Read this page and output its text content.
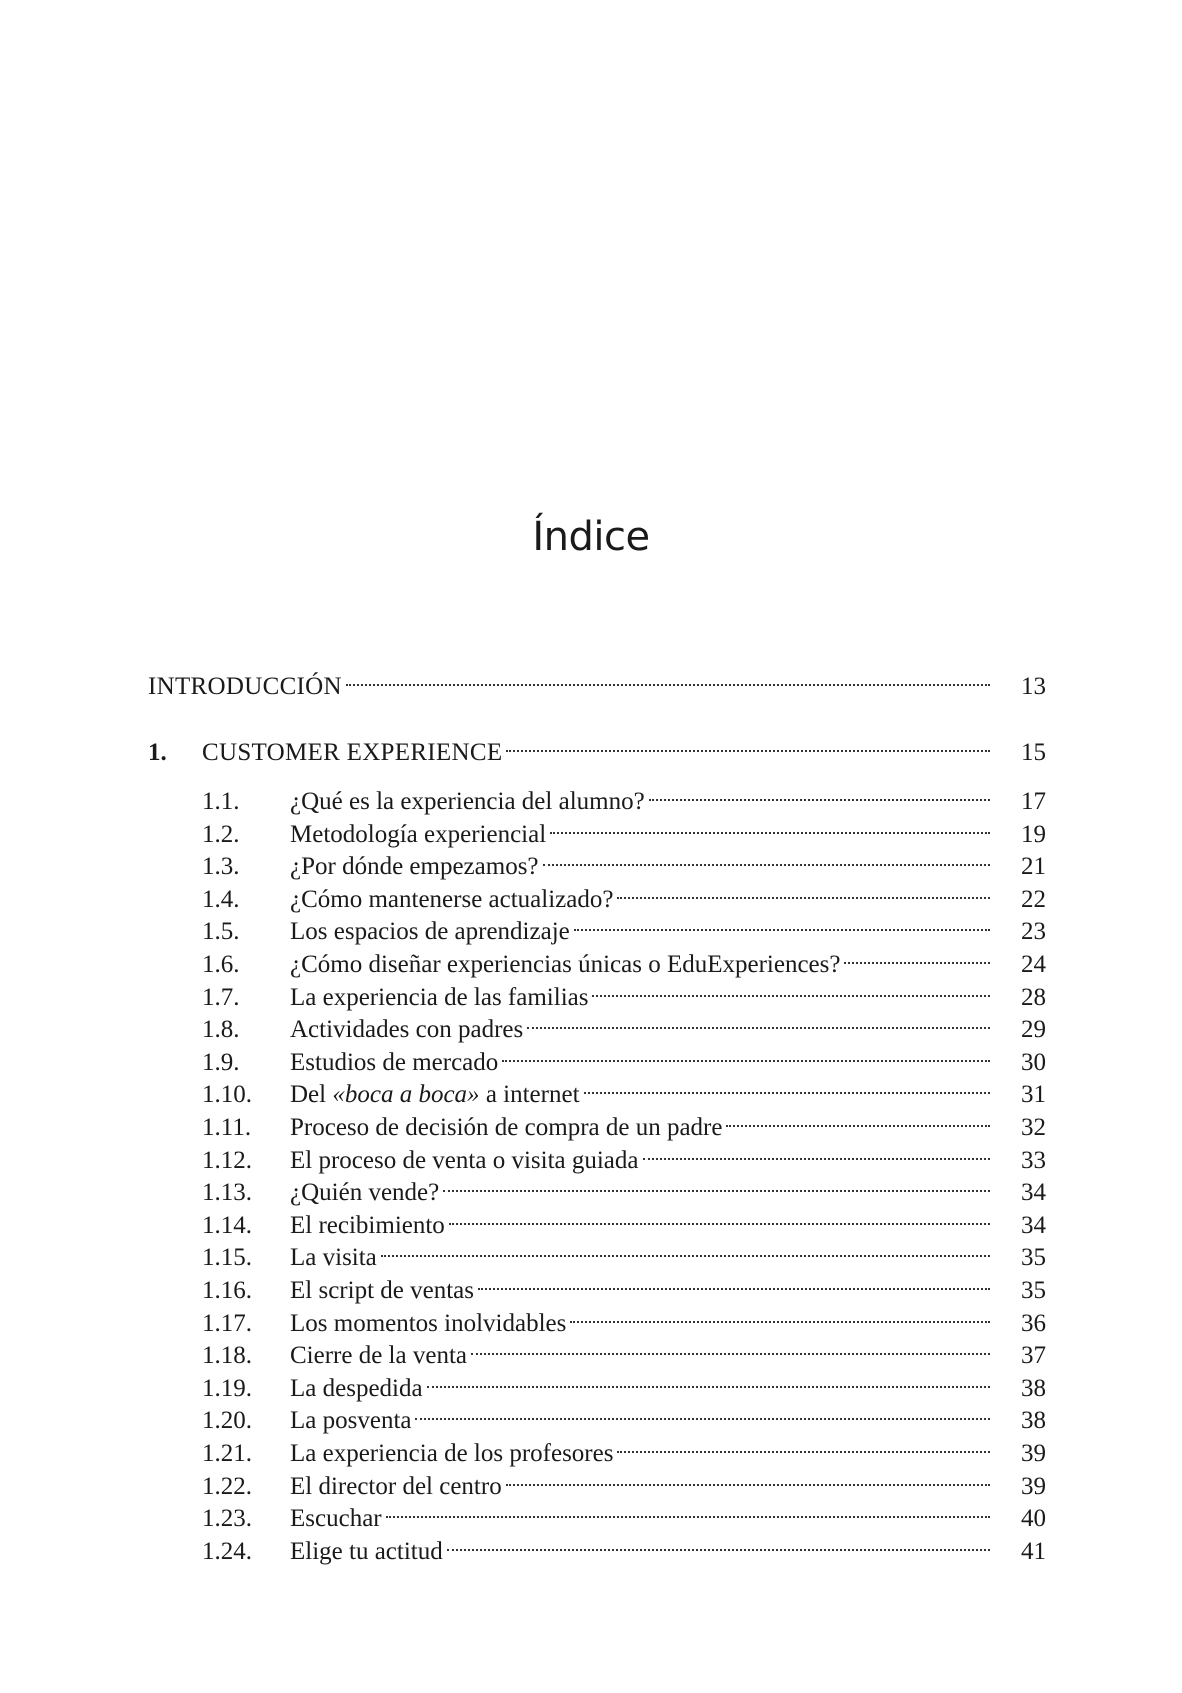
Índice
INTRODUCCIÓN	13
1.	CUSTOMER EXPERIENCE	15
1.1.	¿Qué es la experiencia del alumno?	17
1.2.	Metodología experiencial	19
1.3.	¿Por dónde empezamos?	21
1.4.	¿Cómo mantenerse actualizado?	22
1.5.	Los espacios de aprendizaje	23
1.6.	¿Cómo diseñar experiencias únicas o EduExperiences?	24
1.7.	La experiencia de las familias	28
1.8.	Actividades con padres	29
1.9.	Estudios de mercado	30
1.10.	Del «boca a boca» a internet	31
1.11.	Proceso de decisión de compra de un padre	32
1.12.	El proceso de venta o visita guiada	33
1.13.	¿Quién vende?	34
1.14.	El recibimiento	34
1.15.	La visita	35
1.16.	El script de ventas	35
1.17.	Los momentos inolvidables	36
1.18.	Cierre de la venta	37
1.19.	La despedida	38
1.20.	La posventa	38
1.21.	La experiencia de los profesores	39
1.22.	El director del centro	39
1.23.	Escuchar	40
1.24.	Elige tu actitud	41
